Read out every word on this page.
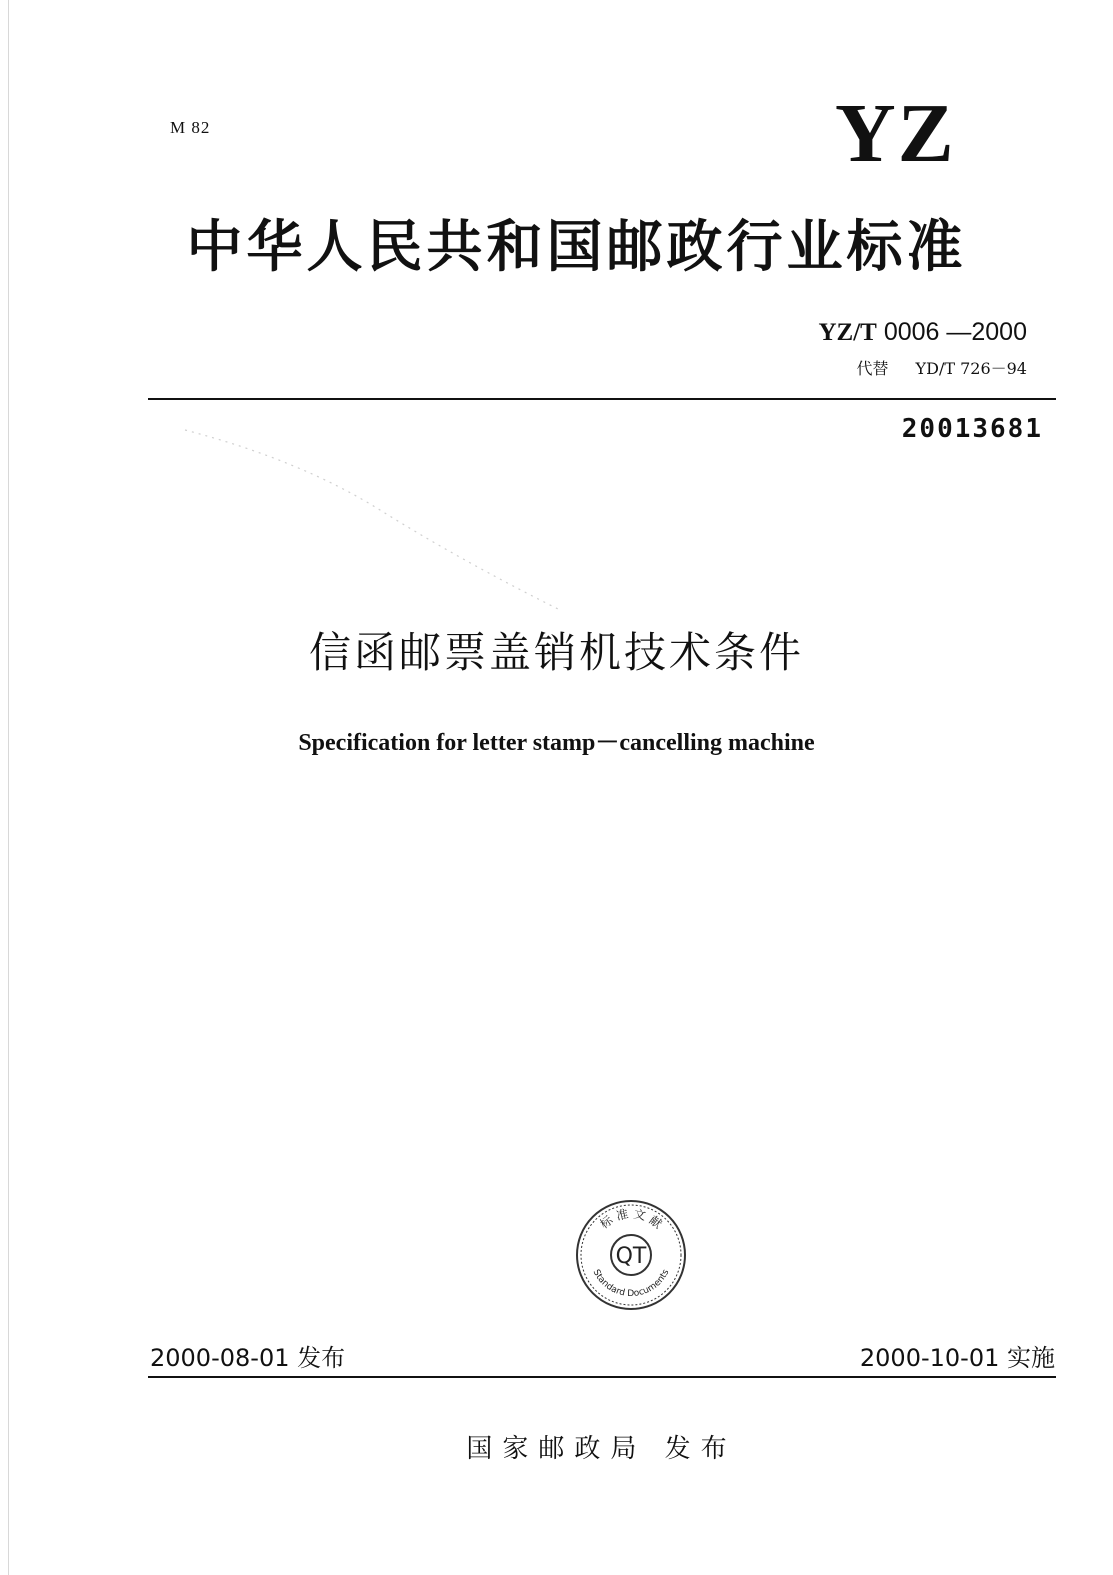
M 82	YZ
中华人民共和国邮政行业标准
YZ/T 0006 —2000
代替 YD/T 726－94
20013681
信函邮票盖销机技术条件
Specification for letter stamp－cancelling machine
标 准 文 献
Standard Documents
QT
2000-08-01 发布	2000-10-01 实施
国家邮政局 发布
